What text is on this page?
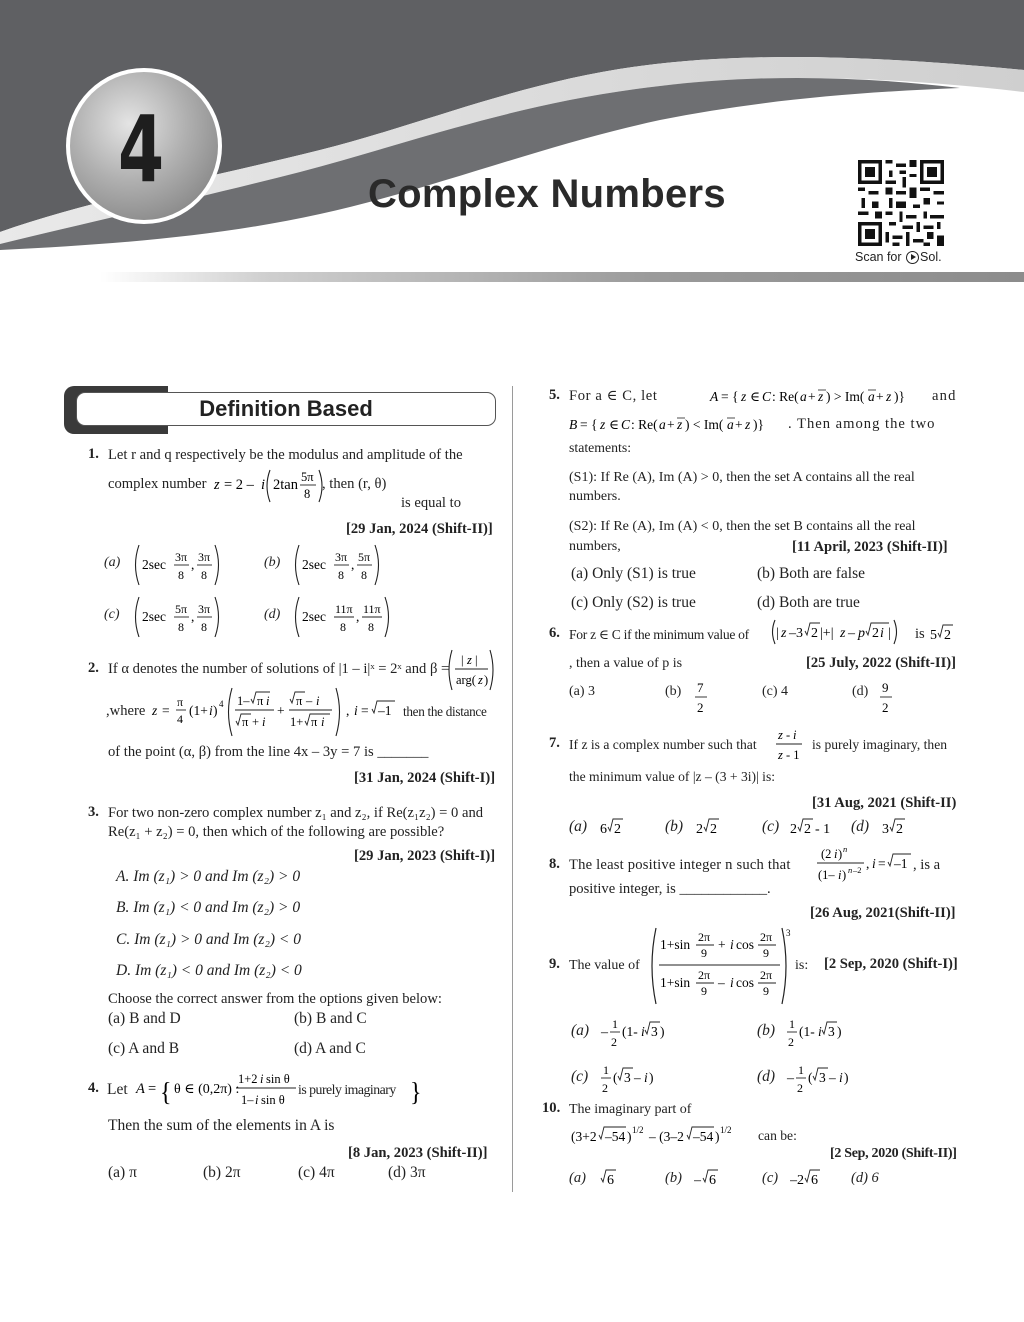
4	Complex Numbers
Scan for Sol.
Definition Based
1. Let r and q respectively be the modulus and amplitude of the
complex number z = 2 – i 2tan 5π
8
, then (r, θ)
is equal to
[29 Jan, 2024 (Shift-II)]
(a) 2sec 3π
8
, 3π
8
(b) 2sec 3π
8
, 5π
8
(c) 2sec 5π
8
, 3π
8
(d) 2sec 11π
8
, 11π
8
2. If α denotes the number of solutions of |1 – i|ˣ = 2ˣ and β =
| z |
arg( z )
,where z =
π
4
(1+ i ) 4 1– π i
π + i
+
π – i
1+ π i
, i = –1 then the distance
of the point (α, β) from the line 4x – 3y = 7 is _______
[31 Jan, 2024 (Shift-I)]
3. For two non-zero complex number z₁ and z₂, if Re(z₁z₂) = 0 and
Re(z₁ + z₂) = 0, then which of the following are possible?
[29 Jan, 2023 (Shift-I)]
A. Im (z₁) > 0 and Im (z₂) > 0
B. Im (z₁) < 0 and Im (z₂) > 0
C. Im (z₁) > 0 and Im (z₂) < 0
D. Im (z₁) < 0 and Im (z₂) < 0
Choose the correct answer from the options given below:
(a) B and D	(b) B and C
(c) A and B	(d) A and C
4. Let A = { θ ∈ (0,2π) :
1+2 i sin θ
1– i sin θ	}
is purely imaginary
Then the sum of the elements in A is
[8 Jan, 2023 (Shift-II)]
(a) π	(b) 2π	(c) 4π	(d) 3π
5. For a ∈ C, let	A = { z ∈ C : Re( a + z ) > Im( a + z )} and
B = { z ∈ C : Re( a + z ) < Im( a + z )} . Then among the two
statements:
(S1): If Re (A), Im (A) > 0, then the set A contains all the real
numbers.
(S2): If Re (A), Im (A) < 0, then the set B contains all the real
numbers,	[11 April, 2023 (Shift-II)]
(a) Only (S1) is true	(b) Both are false
(c) Only (S2) is true	(d) Both are true
6. For z ∈ C if the minimum value of | z –3 2 |+| z – p 2 i | is 5 2
, then a value of p is	[25 July, 2022 (Shift-II)]
(a) 3	(b) 7
2
(c) 4	(d) 9
2
7. If z is a complex number such that
z - i
z - 1
is purely imaginary, then
the minimum value of |z – (3 + 3i)| is:
[31 Aug, 2021 (Shift-II)
(a) 6 2	(b) 2 2	(c) 2 2 - 1 (d) 3 2
8. The least positive integer n such that
(2 i ) n
(1– i ) n –2 , i = –1 , is a
positive integer, is ____________.
[26 Aug, 2021(Shift-II)]
9. The value of
1+sin 2π
9
+ i cos 2π
9
1+sin 2π
9
– i cos 2π
9
3
is: [2 Sep, 2020 (Shift-I)]
(a) –
1
2
(1- i 3 )	(b) 1
2
(1- i 3 )
(c) 1
2
( 3 – i )	(d) –
1
2
( 3 – i )
10. The imaginary part of
(3+2 –54 ) 1/2 – (3–2 –54 ) 1/2 can be:
[2 Sep, 2020 (Shift-II)]
(a) 6	(b) – 6	(c) –2 6 (d) 6
